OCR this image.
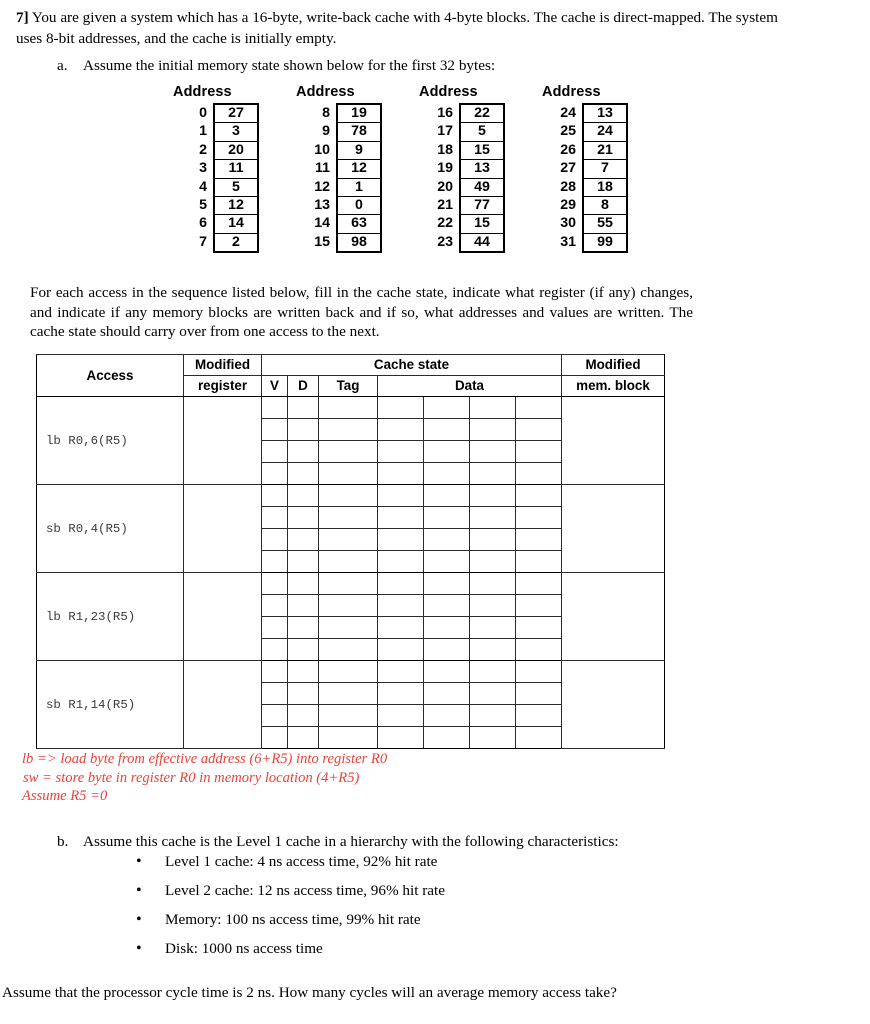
7] You are given a system which has a 16-byte, write-back cache with 4-byte blocks. The cache is direct-mapped. The system uses 8-bit addresses, and the cache is initially empty.
a. Assume the initial memory state shown below for the first 32 bytes:
Address
0	27
1	3
2	20
3	11
4	5
5	12
6	14
7	2
Address
8	19
9	78
10	9
11	12
12	1
13	0
14	63
15	98
Address
16	22
17	5
18	15
19	13
20	49
21	77
22	15
23	44
Address
24	13
25	24
26	21
27	7
28	18
29	8
30	55
31	99
For each access in the sequence listed below, fill in the cache state, indicate what register (if any) changes, and indicate if any memory blocks are written back and if so, what addresses and values are written. The cache state should carry over from one access to the next.
Access	Modified	Cache state							Modified
	register	V	D	Tag	Data				mem. block
lb R0,6(R5)									

sb R0,4(R5)									

lb R1,23(R5)									

sb R1,14(R5)									

lb => load byte from effective address (6+R5) into register R0
sw = store byte in register R0 in memory location (4+R5)
Assume R5 =0
b. Assume this cache is the Level 1 cache in a hierarchy with the following characteristics:
• Level 1 cache: 4 ns access time, 92% hit rate
• Level 2 cache: 12 ns access time, 96% hit rate
• Memory: 100 ns access time, 99% hit rate
• Disk: 1000 ns access time
Assume that the processor cycle time is 2 ns. How many cycles will an average memory access take?
